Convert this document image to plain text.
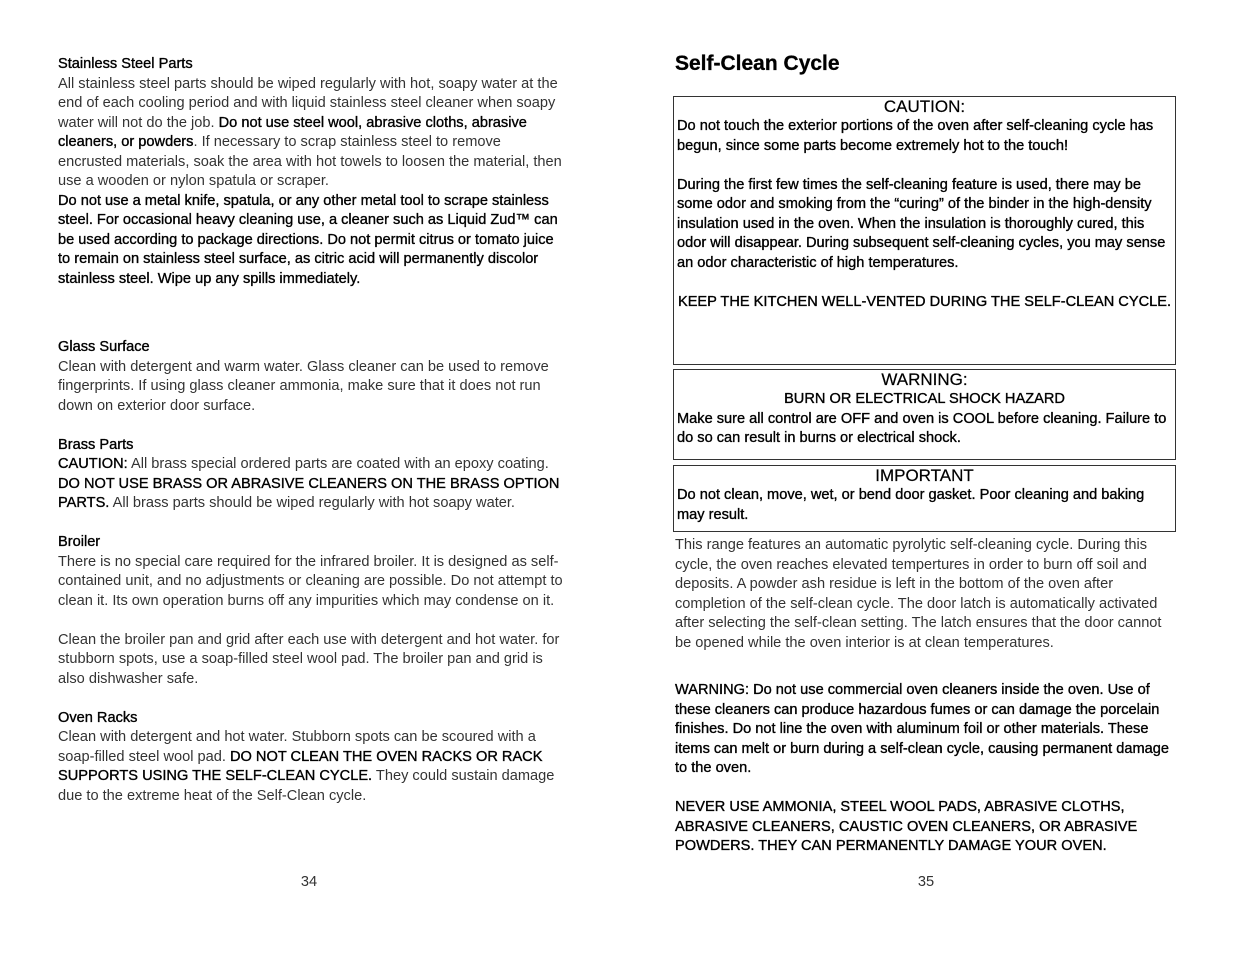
Stainless Steel Parts

All stainless steel parts should be wiped regularly with hot, soapy water at the end of each cooling period and with liquid stainless steel cleaner when soapy water will not do the job. Do not use steel wool, abrasive cloths, abrasive cleaners, or powders. If necessary to scrap stainless steel to remove encrusted materials, soak the area with hot towels to loosen the material, then use a wooden or nylon spatula or scraper.

Do not use a metal knife, spatula, or any other metal tool to scrape stainless steel. For occasional heavy cleaning use, a cleaner such as Liquid Zud™ can be used according to package directions. Do not permit citrus or tomato juice to remain on stainless steel surface, as citric acid will permanently discolor stainless steel. Wipe up any spills immediately.

Glass Surface

Clean with detergent and warm water. Glass cleaner can be used to remove fingerprints. If using glass cleaner ammonia, make sure that it does not run down on exterior door surface.

Brass Parts

CAUTION: All brass special ordered parts are coated with an epoxy coating. DO NOT USE BRASS OR ABRASIVE CLEANERS ON THE BRASS OPTION PARTS. All brass parts should be wiped regularly with hot soapy water.

Broiler

There is no special care required for the infrared broiler. It is designed as self-contained unit, and no adjustments or cleaning are possible. Do not attempt to clean it. Its own operation burns off any impurities which may condense on it.

Clean the broiler pan and grid after each use with detergent and hot water. for stubborn spots, use a soap-filled steel wool pad. The broiler pan and grid is also dishwasher safe.

Oven Racks

Clean with detergent and hot water. Stubborn spots can be scoured with a soap-filled steel wool pad. DO NOT CLEAN THE OVEN RACKS OR RACK SUPPORTS USING THE SELF-CLEAN CYCLE. They could sustain damage due to the extreme heat of the Self-Clean cycle.

34
Self-Clean Cycle
CAUTION:

Do not touch the exterior portions of the oven after self-cleaning cycle has begun, since some parts become extremely hot to the touch!

During the first few times the self-cleaning feature is used, there may be some odor and smoking from the “curing” of the binder in the high-density insulation used in the oven. When the insulation is thoroughly cured, this odor will disappear. During subsequent self-cleaning cycles, you may sense an odor characteristic of high temperatures.

KEEP THE KITCHEN WELL-VENTED DURING THE SELF-CLEAN CYCLE.

WARNING:

BURN OR ELECTRICAL SHOCK HAZARD

Make sure all control are OFF and oven is COOL before cleaning. Failure to do so can result in burns or electrical shock.

IMPORTANT

Do not clean, move, wet, or bend door gasket. Poor cleaning and baking may result.

This range features an automatic pyrolytic self-cleaning cycle. During this cycle, the oven reaches elevated tempertures in order to burn off soil and deposits. A powder ash residue is left in the bottom of the oven after completion of the self-clean cycle. The door latch is automatically activated after selecting the self-clean setting. The latch ensures that the door cannot be opened while the oven interior is at clean temperatures.

WARNING: Do not use commercial oven cleaners inside the oven. Use of these cleaners can produce hazardous fumes or can damage the porcelain finishes. Do not line the oven with aluminum foil or other materials. These items can melt or burn during a self-clean cycle, causing permanent damage to the oven.

NEVER USE AMMONIA, STEEL WOOL PADS, ABRASIVE CLOTHS, ABRASIVE CLEANERS, CAUSTIC OVEN CLEANERS, OR ABRASIVE POWDERS. THEY CAN PERMANENTLY DAMAGE YOUR OVEN.

35
